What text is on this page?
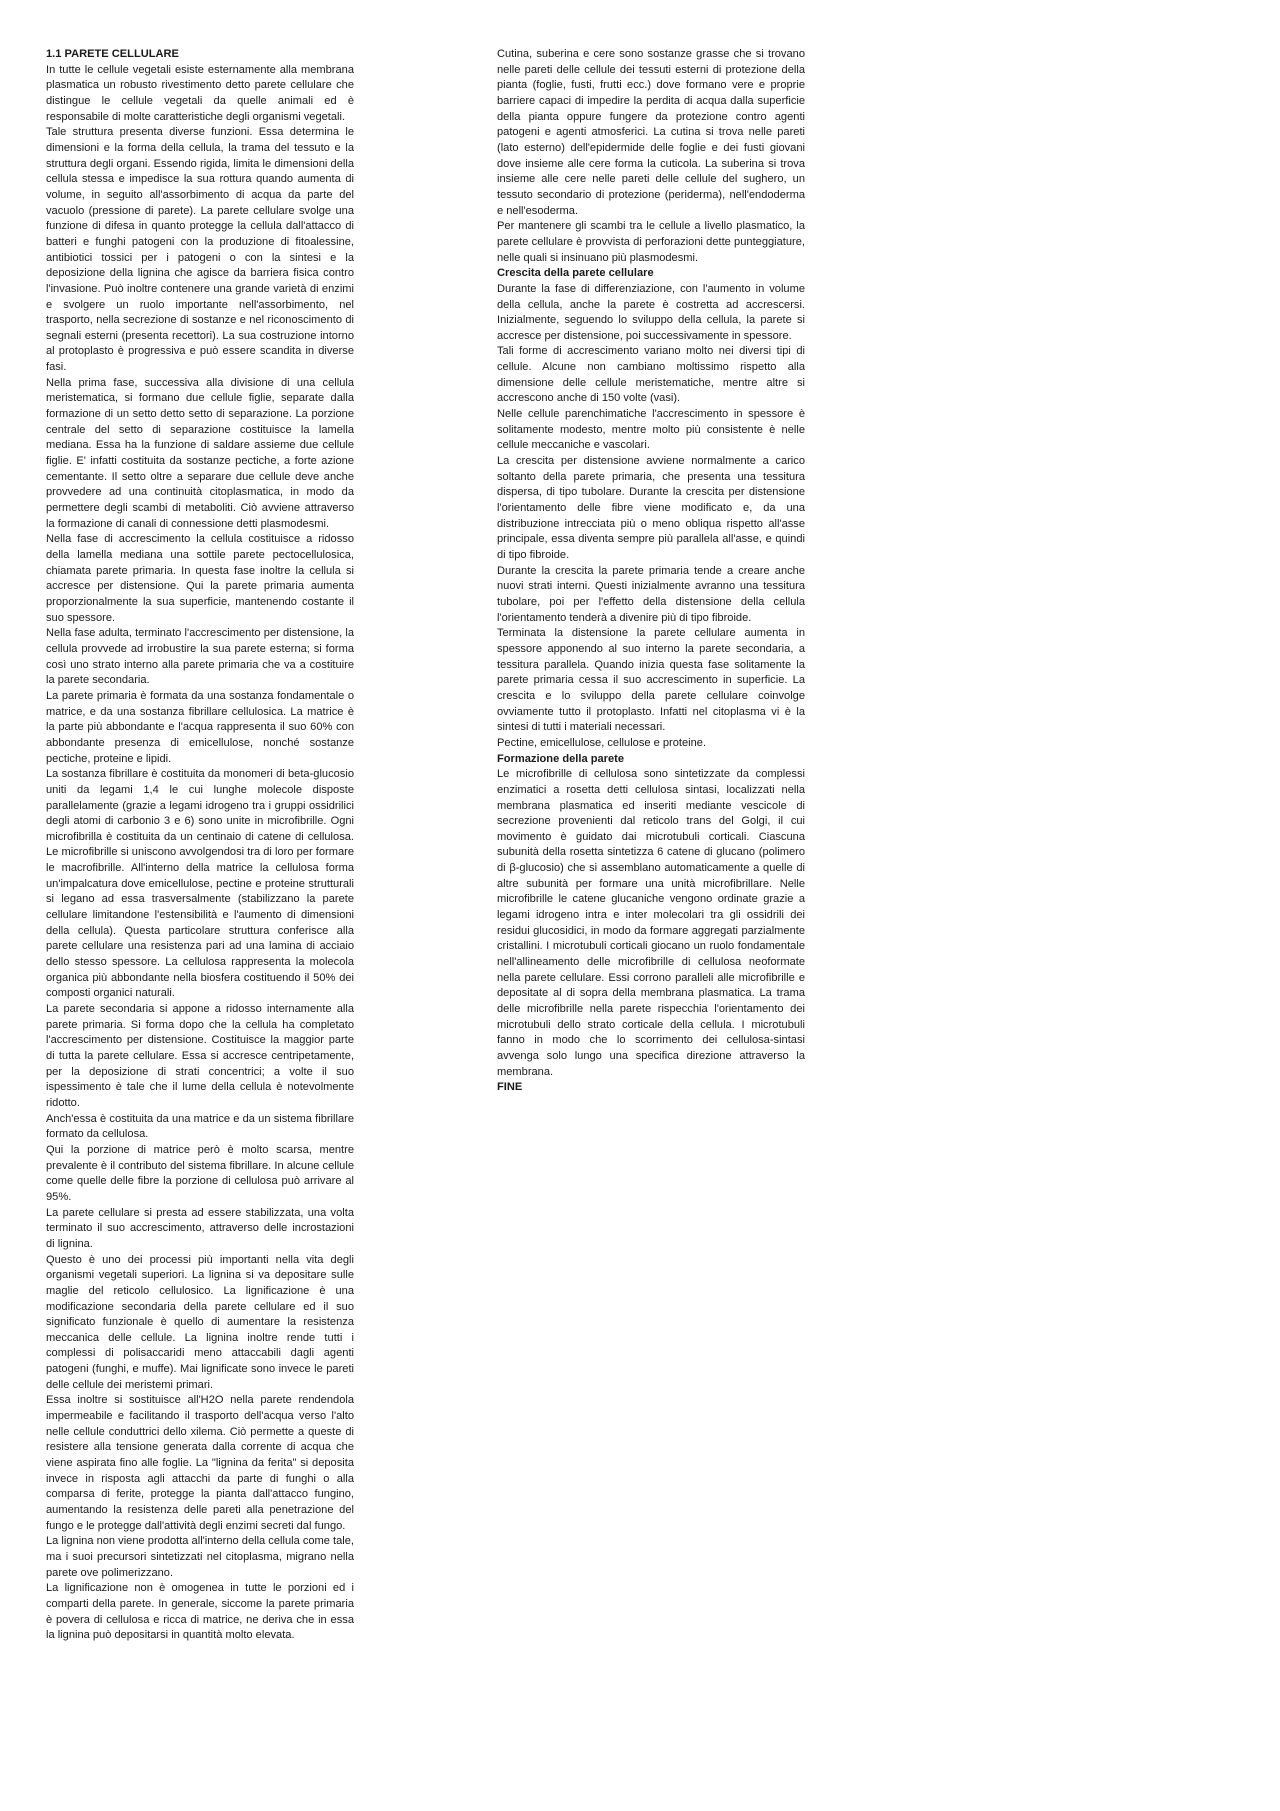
1.1 PARETE CELLULARE

In tutte le cellule vegetali esiste esternamente alla membrana plasmatica un robusto rivestimento detto parete cellulare che distingue le cellule vegetali da quelle animali ed è responsabile di molte caratteristiche degli organismi vegetali.

Tale struttura presenta diverse funzioni. Essa determina le dimensioni e la forma della cellula, la trama del tessuto e la struttura degli organi. Essendo rigida, limita le dimensioni della cellula stessa e impedisce la sua rottura quando aumenta di volume, in seguito all'assorbimento di acqua da parte del vacuolo (pressione di parete). La parete cellulare svolge una funzione di difesa in quanto protegge la cellula dall'attacco di batteri e funghi patogeni con la produzione di fitoalessine, antibiotici tossici per i patogeni o con la sintesi e la deposizione della lignina che agisce da barriera fisica contro l'invasione. Può inoltre contenere una grande varietà di enzimi e svolgere un ruolo importante nell'assorbimento, nel trasporto, nella secrezione di sostanze e nel riconoscimento di segnali esterni (presenta recettori). La sua costruzione intorno al protoplasto è progressiva e può essere scandita in diverse fasi.

Nella prima fase, successiva alla divisione di una cellula meristematica, si formano due cellule figlie, separate dalla formazione di un setto detto setto di separazione. La porzione centrale del setto di separazione costituisce la lamella mediana. Essa ha la funzione di saldare assieme due cellule figlie. E' infatti costituita da sostanze pectiche, a forte azione cementante. Il setto oltre a separare due cellule deve anche provvedere ad una continuità citoplasmatica, in modo da permettere degli scambi di metaboliti. Ciò avviene attraverso la formazione di canali di connessione detti plasmodesmi.

Nella fase di accrescimento la cellula costituisce a ridosso della lamella mediana una sottile parete pectocellulosica, chiamata parete primaria. In questa fase inoltre la cellula si accresce per distensione. Qui la parete primaria aumenta proporzionalmente la sua superficie, mantenendo costante il suo spessore.

Nella fase adulta, terminato l'accrescimento per distensione, la cellula provvede ad irrobustire la sua parete esterna; si forma così uno strato interno alla parete primaria che va a costituire la parete secondaria.

La parete primaria è formata da una sostanza fondamentale o matrice, e da una sostanza fibrillare cellulosica. La matrice è la parte più abbondante e l'acqua rappresenta il suo 60% con abbondante presenza di emicellulose, nonché sostanze pectiche, proteine e lipidi.

La sostanza fibrillare è costituita da monomeri di beta-glucosio uniti da legami 1,4 le cui lunghe molecole disposte parallelamente (grazie a legami idrogeno tra i gruppi ossidrilici degli atomi di carbonio 3 e 6) sono unite in microfibrille. Ogni microfibrilla è costituita da un centinaio di catene di cellulosa. Le microfibrille si uniscono avvolgendosi tra di loro per formare le macrofibrille. All'interno della matrice la cellulosa forma un'impalcatura dove emicellulose, pectine e proteine strutturali si legano ad essa trasversalmente (stabilizzano la parete cellulare limitandone l'estensibilità e l'aumento di dimensioni della cellula). Questa particolare struttura conferisce alla parete cellulare una resistenza pari ad una lamina di acciaio dello stesso spessore. La cellulosa rappresenta la molecola organica più abbondante nella biosfera costituendo il 50% dei composti organici naturali.

La parete secondaria si appone a ridosso internamente alla parete primaria. Si forma dopo che la cellula ha completato l'accrescimento per distensione. Costituisce la maggior parte di tutta la parete cellulare. Essa si accresce centripetamente, per la deposizione di strati concentrici; a volte il suo ispessimento è tale che il lume della cellula è notevolmente ridotto.

Anch'essa è costituita da una matrice e da un sistema fibrillare formato da cellulosa.

Qui la porzione di matrice però è molto scarsa, mentre prevalente è il contributo del sistema fibrillare. In alcune cellule come quelle delle fibre la porzione di cellulosa può arrivare al 95%.

La parete cellulare si presta ad essere stabilizzata, una volta terminato il suo accrescimento, attraverso delle incrostazioni di lignina.

Questo è uno dei processi più importanti nella vita degli organismi vegetali superiori. La lignina si va depositare sulle maglie del reticolo cellulosico. La lignificazione è una modificazione secondaria della parete cellulare ed il suo significato funzionale è quello di aumentare la resistenza meccanica delle cellule. La lignina inoltre rende tutti i complessi di polisaccaridi meno attaccabili dagli agenti patogeni (funghi, e muffe). Mai lignificate sono invece le pareti delle cellule dei meristemi primari.

Essa inoltre si sostituisce all'H2O nella parete rendendola impermeabile e facilitando il trasporto dell'acqua verso l'alto nelle cellule conduttrici dello xilema. Ciò permette a queste di resistere alla tensione generata dalla corrente di acqua che viene aspirata fino alle foglie. La "lignina da ferita" si deposita invece in risposta agli attacchi da parte di funghi o alla comparsa di ferite, protegge la pianta dall'attacco fungino, aumentando la resistenza delle pareti alla penetrazione del fungo e le protegge dall'attività degli enzimi secreti dal fungo.

La lignina non viene prodotta all'interno della cellula come tale, ma i suoi precursori sintetizzati nel citoplasma, migrano nella parete ove polimerizzano.

La lignificazione non è omogenea in tutte le porzioni ed i comparti della parete. In generale, siccome la parete primaria è povera di cellulosa e ricca di matrice, ne deriva che in essa la lignina può depositarsi in quantità molto elevata.

Cutina, suberina e cere sono sostanze grasse che si trovano nelle pareti delle cellule dei tessuti esterni di protezione della pianta (foglie, fusti, frutti ecc.) dove formano vere e proprie barriere capaci di impedire la perdita di acqua dalla superficie della pianta oppure fungere da protezione contro agenti patogeni e agenti atmosferici. La cutina si trova nelle pareti (lato esterno) dell'epidermide delle foglie e dei fusti giovani dove insieme alle cere forma la cuticola. La suberina si trova insieme alle cere nelle pareti delle cellule del sughero, un tessuto secondario di protezione (periderma), nell'endoderma e nell'esoderma.

Per mantenere gli scambi tra le cellule a livello plasmatico, la parete cellulare è provvista di perforazioni dette punteggiature, nelle quali si insinuano più plasmodesmi.

Crescita della parete cellulare

Durante la fase di differenziazione, con l'aumento in volume della cellula, anche la parete è costretta ad accrescersi. Inizialmente, seguendo lo sviluppo della cellula, la parete si accresce per distensione, poi successivamente in spessore.

Tali forme di accrescimento variano molto nei diversi tipi di cellule. Alcune non cambiano moltissimo rispetto alla dimensione delle cellule meristematiche, mentre altre si accrescono anche di 150 volte (vasi).

Nelle cellule parenchimatiche l'accrescimento in spessore è solitamente modesto, mentre molto più consistente è nelle cellule meccaniche e vascolari.

La crescita per distensione avviene normalmente a carico soltanto della parete primaria, che presenta una tessitura dispersa, di tipo tubolare. Durante la crescita per distensione l'orientamento delle fibre viene modificato e, da una distribuzione intrecciata più o meno obliqua rispetto all'asse principale, essa diventa sempre più parallela all'asse, e quindi di tipo fibroide.

Durante la crescita la parete primaria tende a creare anche nuovi strati interni. Questi inizialmente avranno una tessitura tubolare, poi per l'effetto della distensione della cellula l'orientamento tenderà a divenire più di tipo fibroide.

Terminata la distensione la parete cellulare aumenta in spessore apponendo al suo interno la parete secondaria, a tessitura parallela. Quando inizia questa fase solitamente la parete primaria cessa il suo accrescimento in superficie. La crescita e lo sviluppo della parete cellulare coinvolge ovviamente tutto il protoplasto. Infatti nel citoplasma vi è la sintesi di tutti i materiali necessari.

Pectine, emicellulose, cellulose e proteine.

Formazione della parete

Le microfibrille di cellulosa sono sintetizzate da complessi enzimatici a rosetta detti cellulosa sintasi, localizzati nella membrana plasmatica ed inseriti mediante vescicole di secrezione provenienti dal reticolo trans del Golgi, il cui movimento è guidato dai microtubuli corticali. Ciascuna subunità della rosetta sintetizza 6 catene di glucano (polimero di β-glucosio) che si assemblano automaticamente a quelle di altre subunità per formare una unità microfibrillare. Nelle microfibrille le catene glucaniche vengono ordinate grazie a legami idrogeno intra e inter molecolari tra gli ossidrili dei residui glucosidici, in modo da formare aggregati parzialmente cristallini. I microtubuli corticali giocano un ruolo fondamentale nell'allineamento delle microfibrille di cellulosa neoformate nella parete cellulare. Essi corrono paralleli alle microfibrille e depositate al di sopra della membrana plasmatica. La trama delle microfibrille nella parete rispecchia l'orientamento dei microtubuli dello strato corticale della cellula. I microtubuli fanno in modo che lo scorrimento dei cellulosa-sintasi avvenga solo lungo una specifica direzione attraverso la membrana.

FINE
